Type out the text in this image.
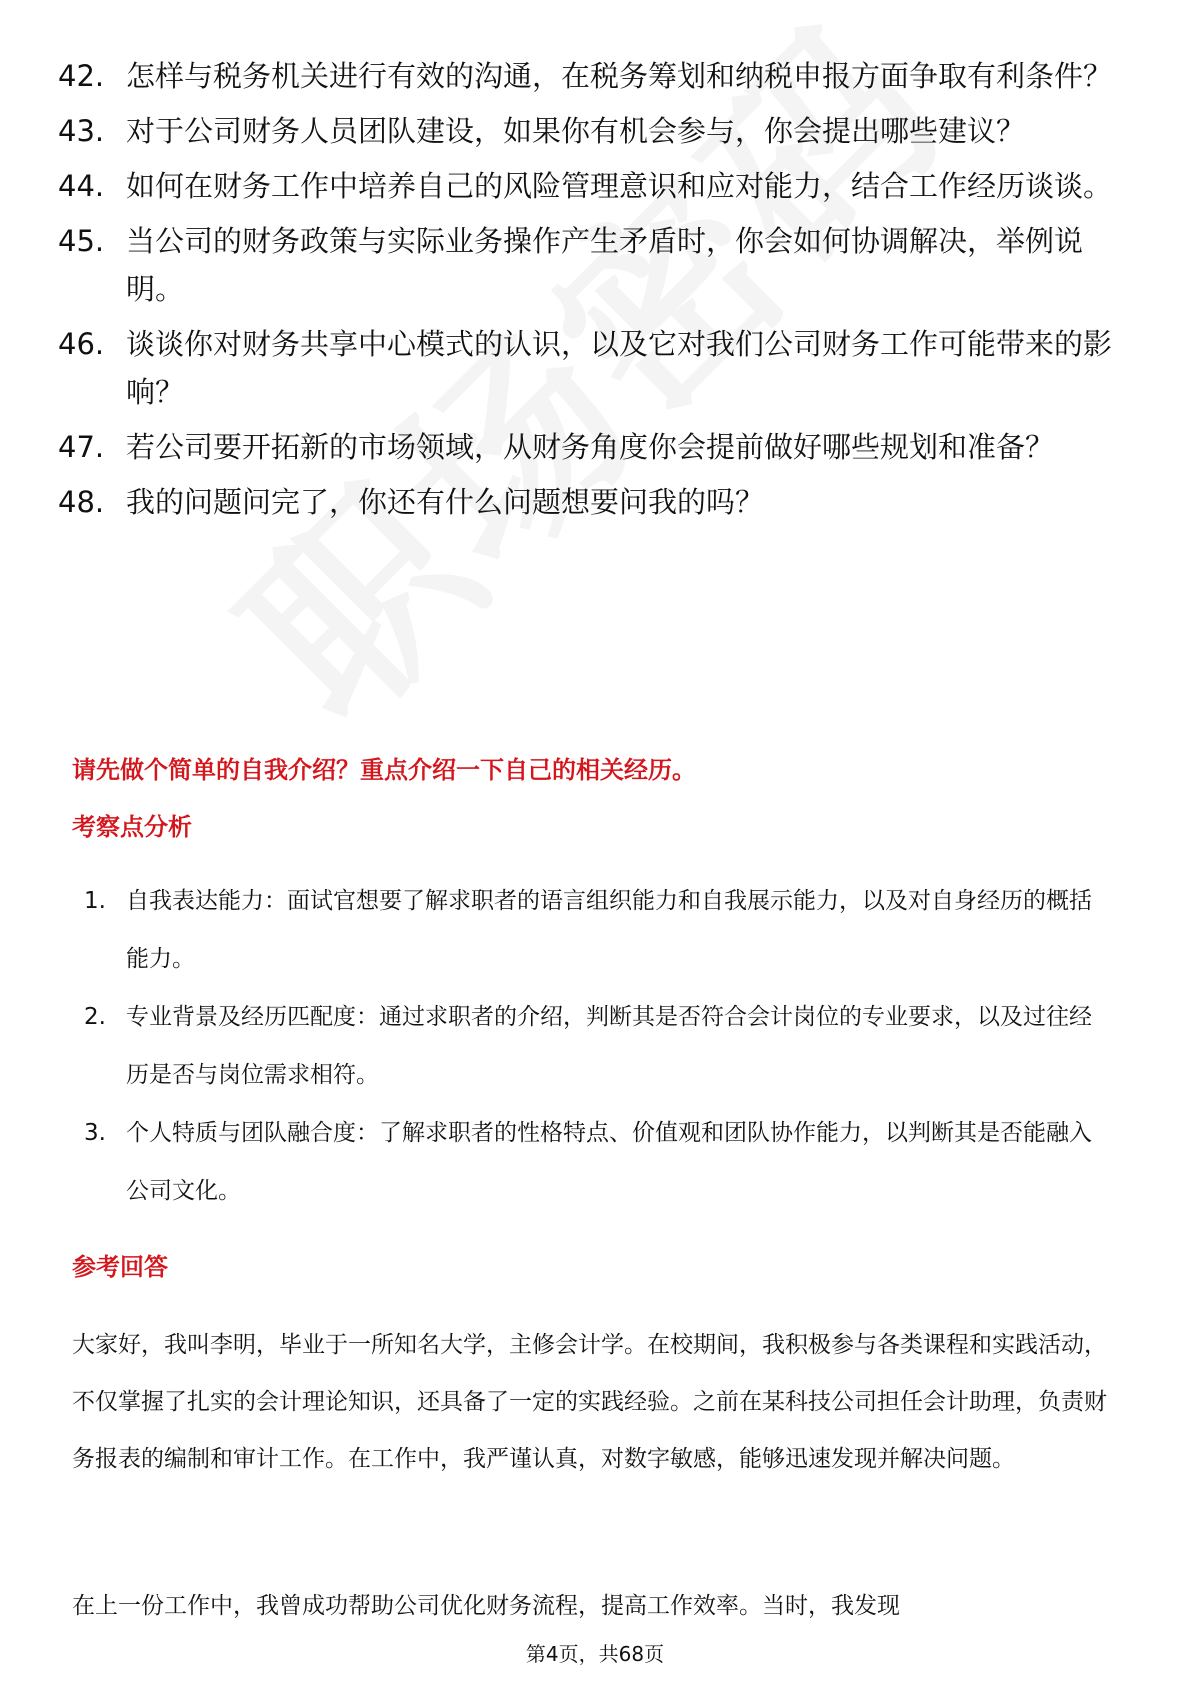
42. 怎样与税务机关进行有效的沟通，在税务筹划和纳税申报方面争取有利条件？
43. 对于公司财务人员团队建设，如果你有机会参与，你会提出哪些建议？
44. 如何在财务工作中培养自己的风险管理意识和应对能力，结合工作经历谈谈。
45. 当公司的财务政策与实际业务操作产生矛盾时，你会如何协调解决，举例说明。
46. 谈谈你对财务共享中心模式的认识，以及它对我们公司财务工作可能带来的影响？
47. 若公司要开拓新的市场领域，从财务角度你会提前做好哪些规划和准备？
48. 我的问题问完了，你还有什么问题想要问我的吗？
请先做个简单的自我介绍？重点介绍一下自己的相关经历。
考察点分析
1. 自我表达能力：面试官想要了解求职者的语言组织能力和自我展示能力，以及对自身经历的概括能力。
2. 专业背景及经历匹配度：通过求职者的介绍，判断其是否符合会计岗位的专业要求，以及过往经历是否与岗位需求相符。
3. 个人特质与团队融合度：了解求职者的性格特点、价值观和团队协作能力，以判断其是否能融入公司文化。
参考回答
大家好，我叫李明，毕业于一所知名大学，主修会计学。在校期间，我积极参与各类课程和实践活动，不仅掌握了扎实的会计理论知识，还具备了一定的实践经验。之前在某科技公司担任会计助理，负责财务报表的编制和审计工作。在工作中，我严谨认真，对数字敏感，能够迅速发现并解决问题。
在上一份工作中，我曾成功帮助公司优化财务流程，提高工作效率。当时，我发现
第4页，共68页
